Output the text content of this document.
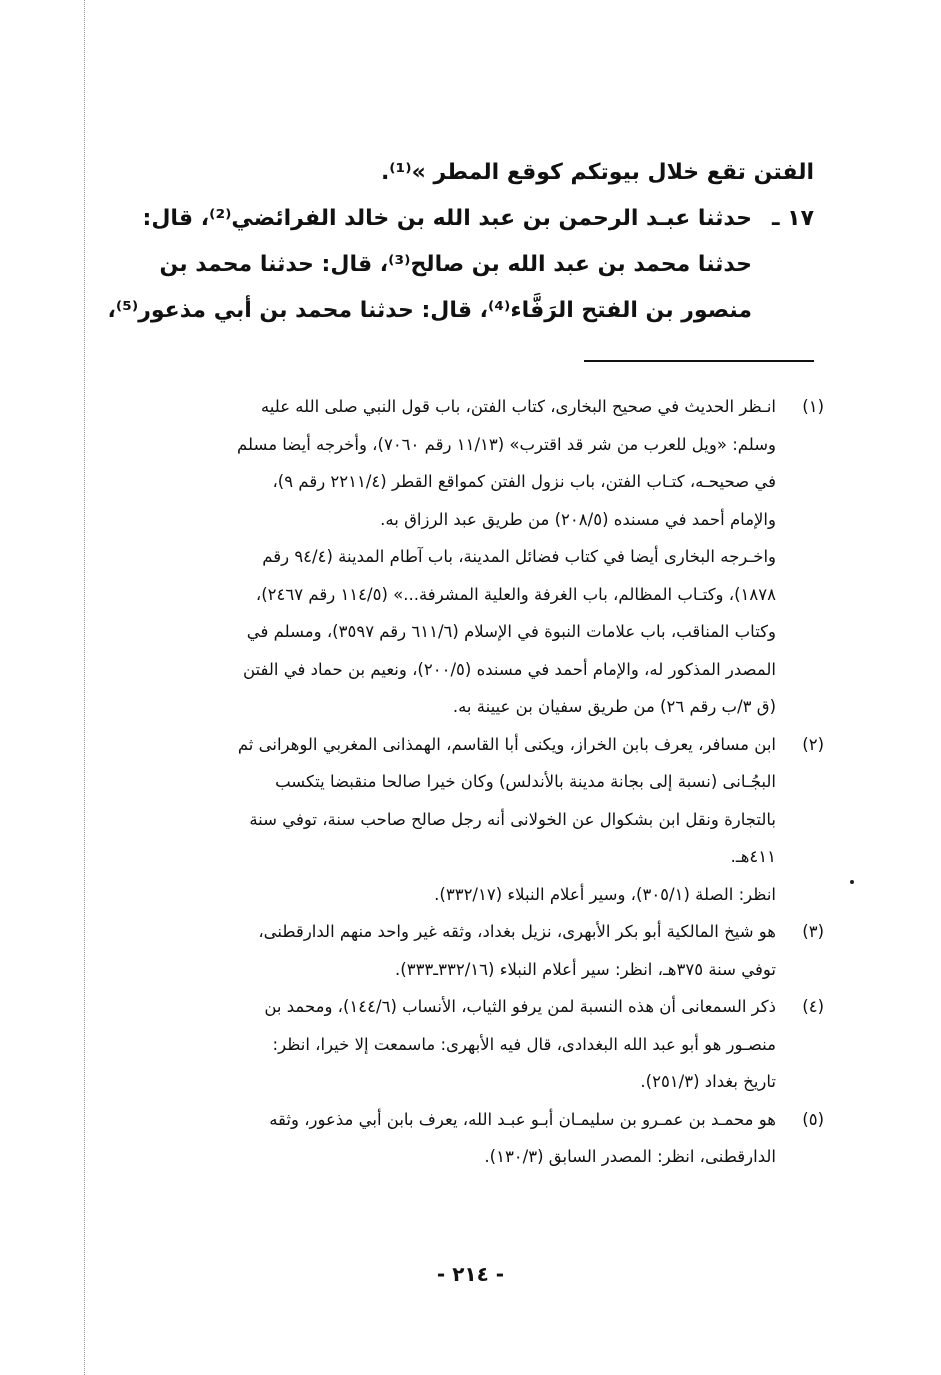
الفتن تقع خلال بيوتكم كوقع المطر »⁽¹⁾.
١٧ ـ
حدثنا عبـد الرحمن بن عبد الله بن خالد الفرائضي⁽²⁾، قال:
حدثنا محمد بن عبد الله بن صالح⁽³⁾، قال: حدثنا محمد بن
منصور بن الفتح الرَفَّاء⁽⁴⁾، قال: حدثنا محمد بن أبي مذعور⁽⁵⁾،
(١)
انـظر الحديث في صحيح البخارى، كتاب الفتن، باب قول النبي صلى الله عليه
وسلم: «ويل للعرب من شر قد اقترب» (١١/١٣ رقم ٧٠٦٠)، وأخرجه أيضا مسلم
في صحيحـه، كتـاب الفتن، باب نزول الفتن كمواقع القطر (٢٢١١/٤ رقم ٩)،
والإمام أحمد في مسنده (٢٠٨/٥) من طريق عبد الرزاق به.
واخـرجه البخارى أيضا في كتاب فضائل المدينة، باب آطام المدينة (٩٤/٤ رقم
١٨٧٨)، وكتـاب المظالم، باب الغرفة والعلية المشرفة...» (١١٤/٥ رقم ٢٤٦٧)،
وكتاب المناقب، باب علامات النبوة في الإسلام (٦١١/٦ رقم ٣٥٩٧)، ومسلم في
المصدر المذكور له، والإمام أحمد في مسنده (٢٠٠/٥)، ونعيم بن حماد في الفتن
(ق ٣/ب رقم ٢٦) من طريق سفيان بن عيينة به.
(٢)
ابن مسافر، يعرف بابن الخراز، ويكنى أبا القاسم، الهمذانى المغربي الوهرانى ثم
البجُـانى (نسبة إلى بجانة مدينة بالأندلس) وكان خيرا صالحا منقبضا يتكسب
بالتجارة ونقل ابن بشكوال عن الخولانى أنه رجل صالح صاحب سنة، توفي سنة
٤١١هـ.
انظر: الصلة (٣٠٥/١)، وسير أعلام النبلاء (٣٣٢/١٧).
(٣)
هو شيخ المالكية أبو بكر الأبهرى، نزيل بغداد، وثقه غير واحد منهم الدارقطنى،
توفي سنة ٣٧٥هـ، انظر: سير أعلام النبلاء (٣٣٢/١٦ـ٣٣٣).
(٤)
ذكر السمعانى أن هذه النسبة لمن يرفو الثياب، الأنساب (١٤٤/٦)، ومحمد بن
منصـور هو أبو عبد الله البغدادى، قال فيه الأبهرى: ماسمعت إلا خيرا، انظر:
تاريخ بغداد (٢٥١/٣).
(٥)
هو محمـد بن عمـرو بن سليمـان أبـو عبـد الله، يعرف بابن أبي مذعور، وثقه
الدارقطنى، انظر: المصدر السابق (١٣٠/٣).
- ٢١٤ -
